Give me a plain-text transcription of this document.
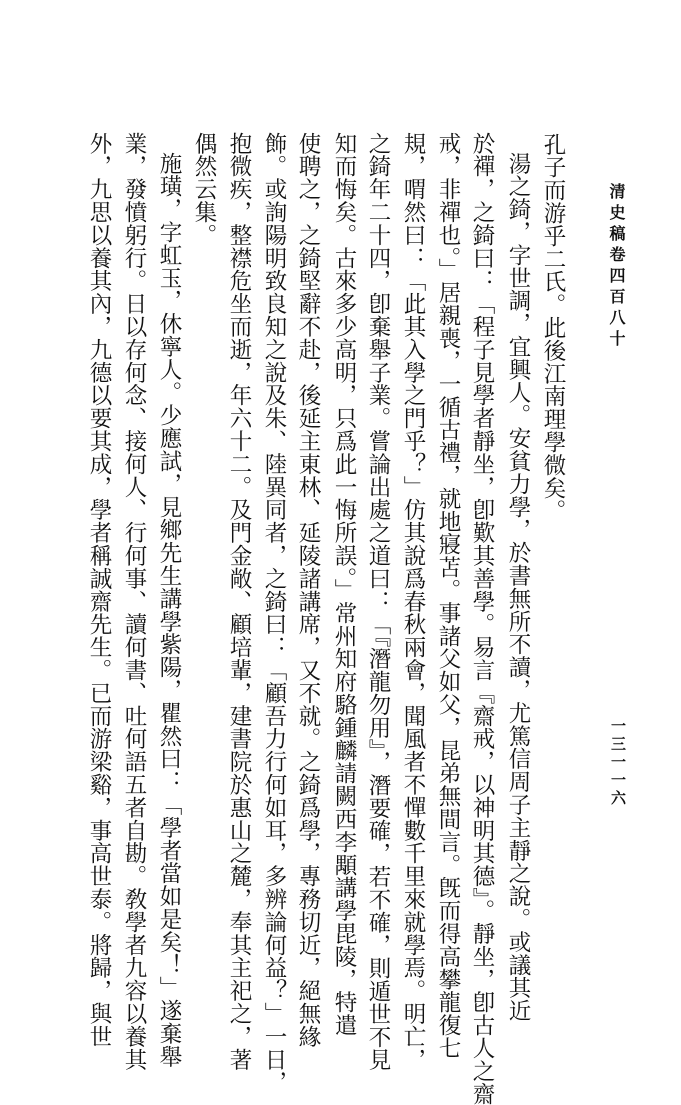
清史稿卷四百八十
一三一一六
孔子而游乎二氏。此後江南理學微矣。
湯之錡，字世調，宜興人。安貧力學，於書無所不讀，尤篤信周子主靜之說。或議其近
於禪，之錡曰：「程子見學者靜坐，卽歎其善學。易言『齋戒，以神明其德』。靜坐，卽古人之齋
戒，非禪也。」居親喪，一循古禮，就地寢苫。事諸父如父，昆弟無間言。旣而得高攀龍復七
規，喟然曰：「此其入學之門乎？」仿其說爲春秋兩會，聞風者不憚數千里來就學焉。明亡，
之錡年二十四，卽棄舉子業。嘗論出處之道曰：「『潛龍勿用』，潛要確，若不確，則遁世不見
知而悔矣。古來多少高明，只爲此一悔所誤。」常州知府駱鍾麟請闕西李顒講學毘陵，特遣
使聘之，之錡堅辭不赴，後延主東林、延陵諸講席，又不就。之錡爲學，專務切近，絕無緣
飾。或詢陽明致良知之說及朱、陸異同者，之錡曰：「顧吾力行何如耳，多辨論何益？」一日，
抱微疾，整襟危坐而逝，年六十二。及門金敞、顧培輩，建書院於惠山之麓，奉其主祀之，著
偶然云集。
施璜，字虹玉，休寧人。少應試，見鄉先生講學紫陽，瞿然曰：「學者當如是矣！」遂棄舉
業，發憤躬行。日以存何念、接何人、行何事、讀何書、吐何語五者自勘。敎學者九容以養其
外，九思以養其內，九德以要其成，學者稱誠齋先生。已而游梁谿，事高世泰。將歸，與世
